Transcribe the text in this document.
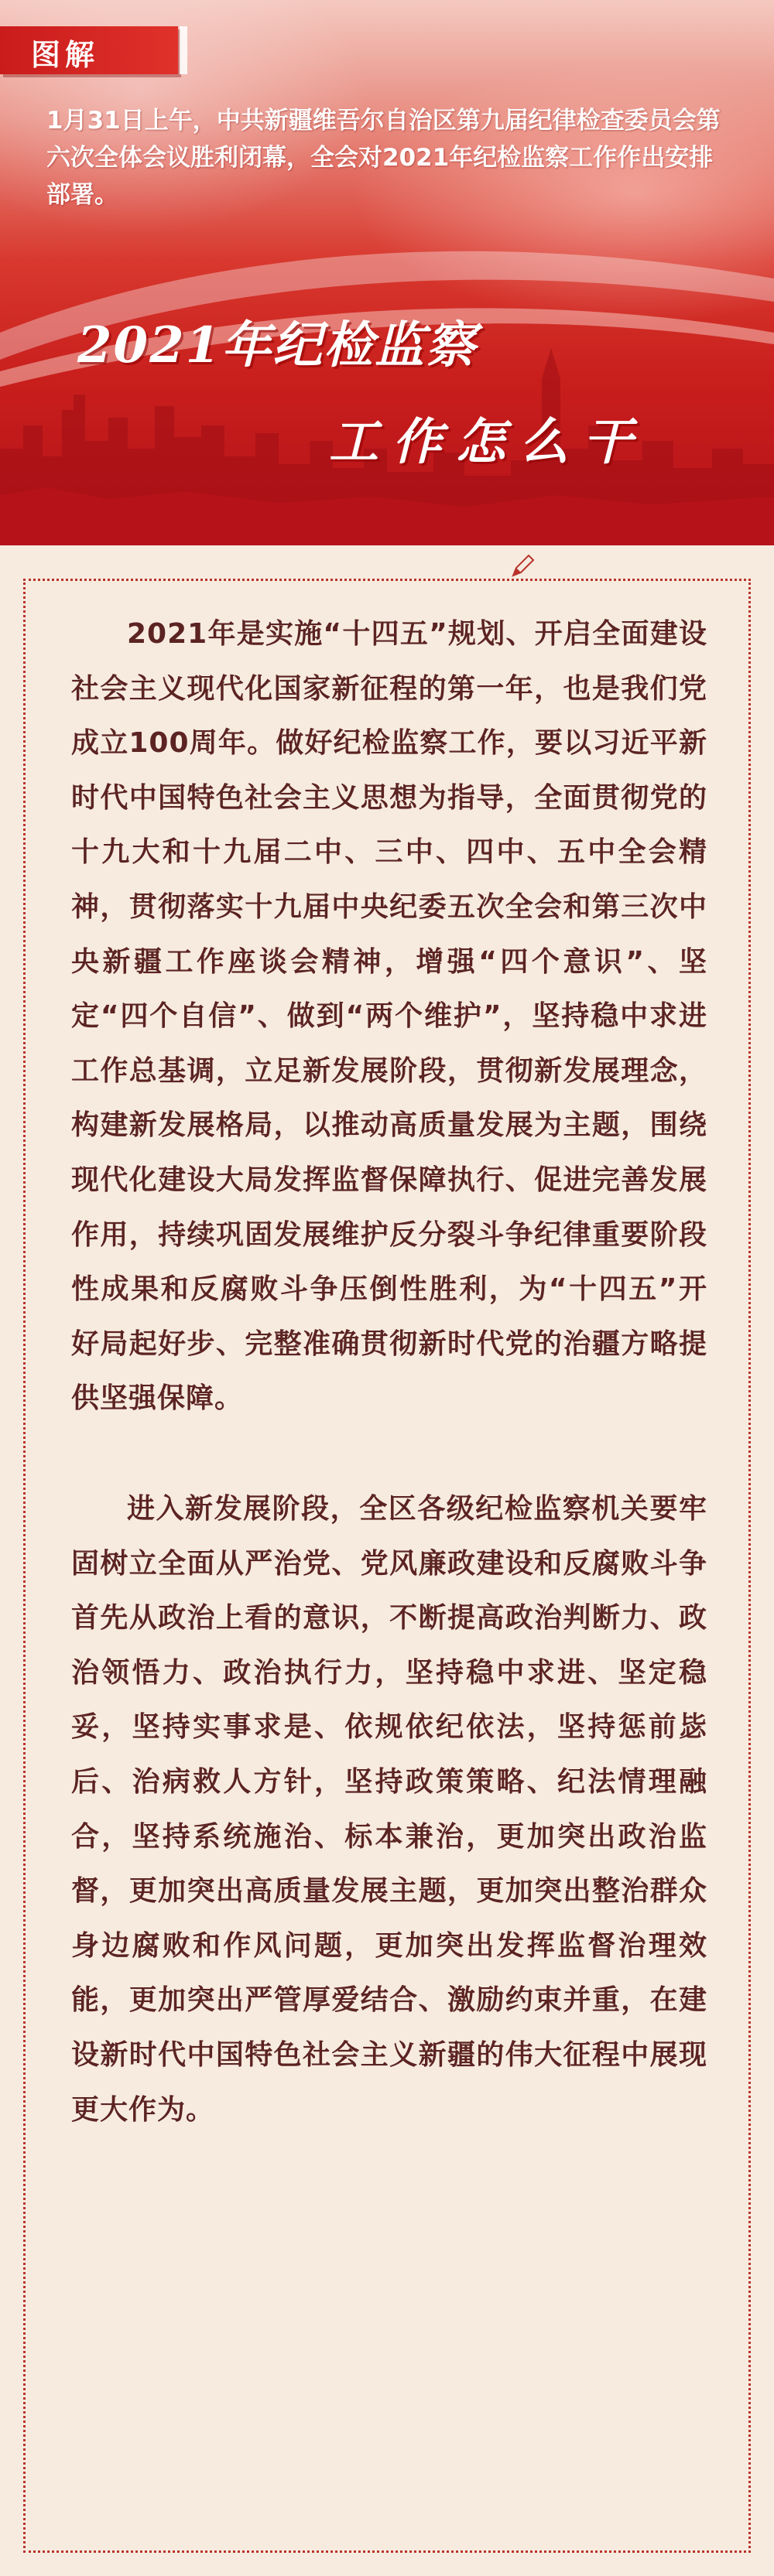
图解
1月31日上午，中共新疆维吾尔自治区第九届纪律检查委员会第六次全体会议胜利闭幕，全会对2021年纪检监察工作作出安排部署。
2021年纪检监察
工作怎么干
2021年是实施“十四五”规划、开启全面建设社会主义现代化国家新征程的第一年，也是我们党成立100周年。做好纪检监察工作，要以习近平新时代中国特色社会主义思想为指导，全面贯彻党的十九大和十九届二中、三中、四中、五中全会精神，贯彻落实十九届中央纪委五次全会和第三次中央新疆工作座谈会精神，增强“四个意识”、坚定“四个自信”、做到“两个维护”，坚持稳中求进工作总基调，立足新发展阶段，贯彻新发展理念，构建新发展格局，以推动高质量发展为主题，围绕现代化建设大局发挥监督保障执行、促进完善发展作用，持续巩固发展维护反分裂斗争纪律重要阶段性成果和反腐败斗争压倒性胜利，为“十四五”开好局起好步、完整准确贯彻新时代党的治疆方略提供坚强保障。
进入新发展阶段，全区各级纪检监察机关要牢固树立全面从严治党、党风廉政建设和反腐败斗争首先从政治上看的意识，不断提高政治判断力、政治领悟力、政治执行力，坚持稳中求进、坚定稳妥，坚持实事求是、依规依纪依法，坚持惩前毖后、治病救人方针，坚持政策策略、纪法情理融合，坚持系统施治、标本兼治，更加突出政治监督，更加突出高质量发展主题，更加突出整治群众身边腐败和作风问题，更加突出发挥监督治理效能，更加突出严管厚爱结合、激励约束并重，在建设新时代中国特色社会主义新疆的伟大征程中展现更大作为。
